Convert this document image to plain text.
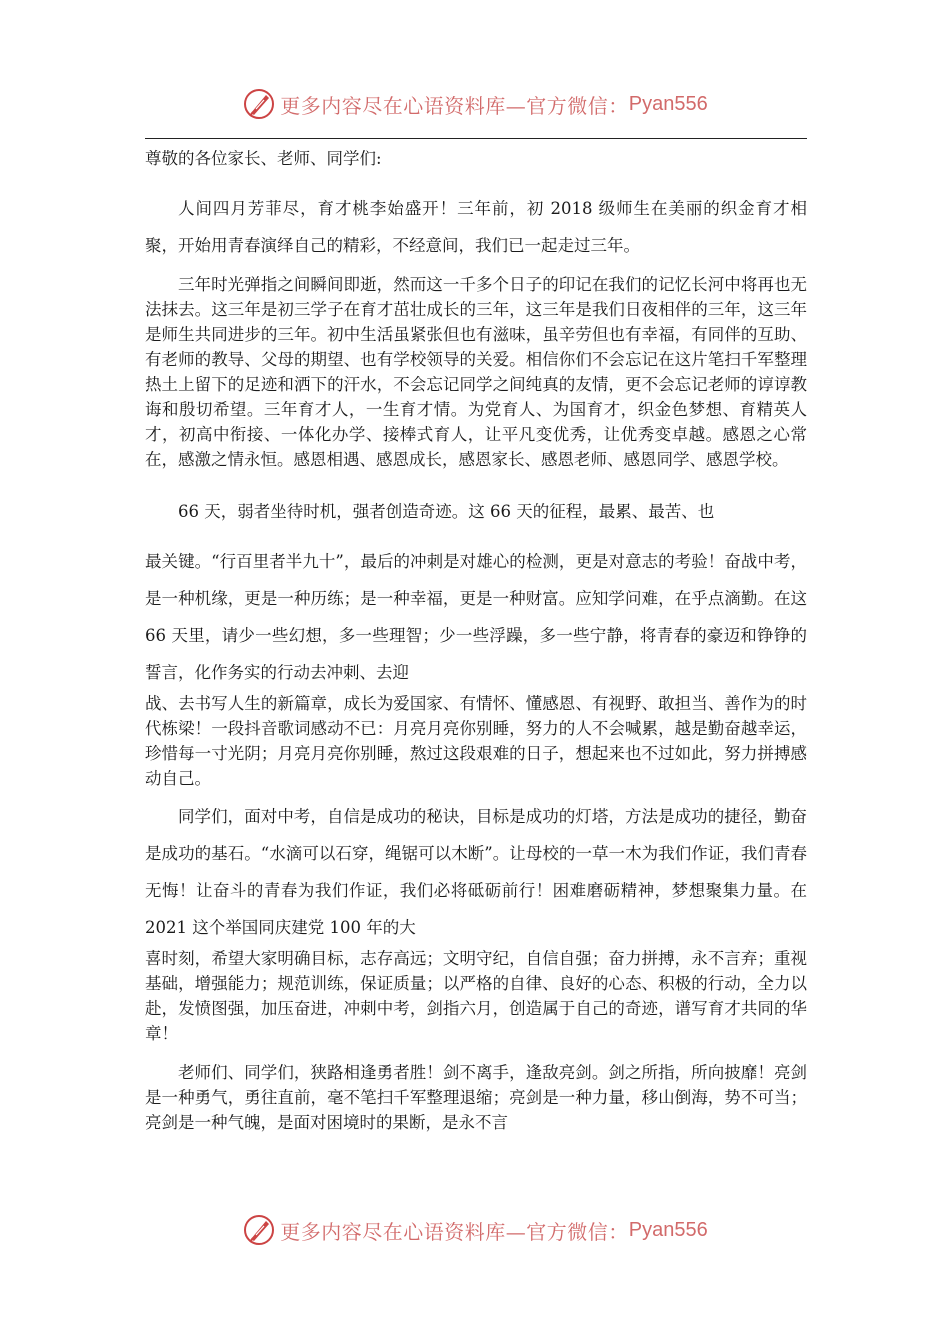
更多内容尽在心语资料库—官方微信： Pyan556

尊敬的各位家长、老师、同学们:

人间四月芳菲尽，育才桃李始盛开！三年前，初 2018 级师生在美丽的织金育才相聚，开始用青春演绎自己的精彩，不经意间，我们已一起走过三年。

三年时光弹指之间瞬间即逝，然而这一千多个日子的印记在我们的记忆长河中将再也无法抹去。这三年是初三学子在育才茁壮成长的三年，这三年是我们日夜相伴的三年，这三年是师生共同进步的三年。初中生活虽紧张但也有滋味，虽辛劳但也有幸福，有同伴的互助、有老师的教导、父母的期望、也有学校领导的关爱。相信你们不会忘记在这片笔扫千军整理热土上留下的足迹和洒下的汗水，不会忘记同学之间纯真的友情，更不会忘记老师的谆谆教诲和殷切希望。三年育才人，一生育才情。为党育人、为国育才，织金色梦想、育精英人才，初高中衔接、一体化办学、接棒式育人，让平凡变优秀，让优秀变卓越。感恩之心常在，感激之情永恒。感恩相遇、感恩成长，感恩家长、感恩老师、感恩同学、感恩学校。

66 天，弱者坐待时机，强者创造奇迹。这 66 天的征程，最累、最苦、也

最关键。“行百里者半九十”，最后的冲刺是对雄心的检测，更是对意志的考验！奋战中考，是一种机缘，更是一种历练；是一种幸福，更是一种财富。应知学问难，在乎点滴勤。在这 66 天里，请少一些幻想，多一些理智；少一些浮躁，多一些宁静，将青春的豪迈和铮铮的誓言，化作务实的行动去冲刺、去迎

战、去书写人生的新篇章，成长为爱国家、有情怀、懂感恩、有视野、敢担当、善作为的时代栋梁！一段抖音歌词感动不已：月亮月亮你别睡，努力的人不会喊累，越是勤奋越幸运，珍惜每一寸光阴；月亮月亮你别睡，熬过这段艰难的日子，想起来也不过如此，努力拼搏感动自己。

同学们，面对中考，自信是成功的秘诀，目标是成功的灯塔，方法是成功的捷径，勤奋是成功的基石。“水滴可以石穿，绳锯可以木断”。让母校的一草一木为我们作证，我们青春无悔！让奋斗的青春为我们作证，我们必将砥砺前行！困难磨砺精神，梦想聚集力量。在 2021 这个举国同庆建党 100 年的大

喜时刻，希望大家明确目标，志存高远；文明守纪，自信自强；奋力拼搏，永不言弃；重视基础，增强能力；规范训练，保证质量；以严格的自律、良好的心态、积极的行动，全力以赴，发愤图强，加压奋进，冲刺中考，剑指六月，创造属于自己的奇迹，谱写育才共同的华章！

老师们、同学们，狭路相逢勇者胜！剑不离手，逢敌亮剑。剑之所指，所向披靡！亮剑是一种勇气，勇往直前，毫不笔扫千军整理退缩；亮剑是一种力量，移山倒海，势不可当；亮剑是一种气魄，是面对困境时的果断，是永不言

更多内容尽在心语资料库—官方微信： Pyan556
